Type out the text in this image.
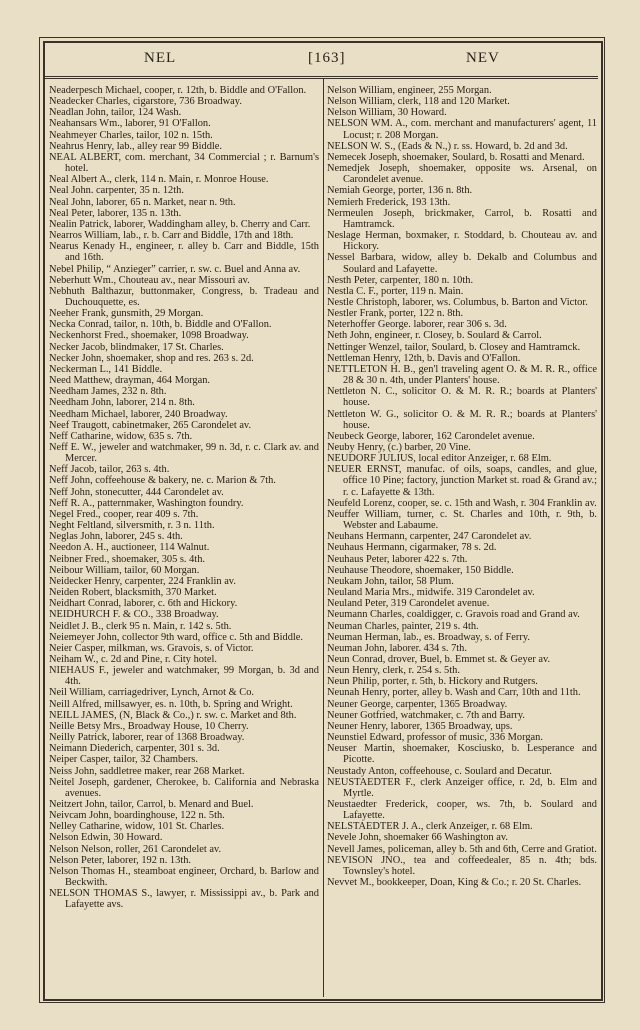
NEL	[163]	NEV
Neaderpesch Michael, cooper, r. 12th, b. Biddle and O'Fallon.
Neadecker Charles, cigarstore, 736 Broadway.
Neadlan John, tailor, 124 Wash.
Neahansars Wm., laborer, 91 O'Fallon.
Neahmeyer Charles, tailor, 102 n. 15th.
Neahrus Henry, lab., alley rear 99 Biddle.
NEAL ALBERT, com. merchant, 34 Commercial ; r. Barnum's hotel.
Neal Albert A., clerk, 114 n. Main, r. Monroe House.
Neal John. carpenter, 35 n. 12th.
Neal John, laborer, 65 n. Market, near n. 9th.
Neal Peter, laborer, 135 n. 13th.
Nealin Patrick, laborer, Waddingham alley, b. Cherry and Carr.
Nearros William, lab., r. b. Carr and Biddle, 17th and 18th.
Nearus Kenady H., engineer, r. alley b. Carr and Biddle, 15th and 16th.
Nebel Philip, “ Anzieger” carrier, r. sw. c. Buel and Anna av.
Neberhutt Wm., Chouteau av., near Missouri av.
Nebhuth Balthazur, buttonmaker, Congress, b. Tradeau and Duchouquette, es.
Neeher Frank, gunsmith, 29 Morgan.
Necka Conrad, tailor, n. 10th, b. Biddle and O'Fallon.
Neckenhorst Fred., shoemaker, 1098 Broadway.
Necker Jacob, blindmaker, 17 St. Charles.
Necker John, shoemaker, shop and res. 263 s. 2d.
Neckerman L., 141 Biddle.
Need Matthew, drayman, 464 Morgan.
Needham James, 232 n. 8th.
Needham John, laborer, 214 n. 8th.
Needham Michael, laborer, 240 Broadway.
Neef Traugott, cabinetmaker, 265 Carondelet av.
Neff Catharine, widow, 635 s. 7th.
Neff E. W., jeweler and watchmaker, 99 n. 3d, r. c. Clark av. and Mercer.
Neff Jacob, tailor, 263 s. 4th.
Neff John, coffeehouse & bakery, ne. c. Marion & 7th.
Neff John, stonecutter, 444 Carondelet av.
Neff R. A., patternmaker, Washington foundry.
Negel Fred., cooper, rear 409 s. 7th.
Neght Feltland, silversmith, r. 3 n. 11th.
Neglas John, laborer, 245 s. 4th.
Needon A. H., auctioneer, 114 Walnut.
Neibner Fred., shoemaker, 305 s. 4th.
Neibour William, tailor, 60 Morgan.
Neidecker Henry, carpenter, 224 Franklin av.
Neiden Robert, blacksmith, 370 Market.
Neidhart Conrad, laborer, c. 6th and Hickory.
NEIDHURCH F. & CO., 338 Broadway.
Neidlet J. B., clerk 95 n. Main, r. 142 s. 5th.
Neiemeyer John, collector 9th ward, office c. 5th and Biddle.
Neier Casper, milkman, ws. Gravois, s. of Victor.
Neiham W., c. 2d and Pine, r. City hotel.
NIEHAUS F., jeweler and watchmaker, 99 Morgan, b. 3d and 4th.
Neil William, carriagedriver, Lynch, Arnot & Co.
Neill Alfred, millsawyer, es. n. 10th, b. Spring and Wright.
NEILL JAMES, (N, Black & Co.,) r. sw. c. Market and 8th.
Neille Betsy Mrs., Broadway House, 10 Cherry.
Neilly Patrick, laborer, rear of 1368 Broadway.
Neimann Diederich, carpenter, 301 s. 3d.
Neiper Casper, tailor, 32 Chambers.
Neiss John, saddletree maker, rear 268 Market.
Neitel Joseph, gardener, Cherokee, b. California and Nebraska avenues.
Neitzert John, tailor, Carrol, b. Menard and Buel.
Neivcam John, boardinghouse, 122 n. 5th.
Nelley Catharine, widow, 101 St. Charles.
Nelson Edwin, 30 Howard.
Nelson Nelson, roller, 261 Carondelet av.
Nelson Peter, laborer, 192 n. 13th.
Nelson Thomas H., steamboat engineer, Orchard, b. Barlow and Beckwith.
NELSON THOMAS S., lawyer, r. Mississippi av., b. Park and Lafayette avs.
Nelson William, engineer, 255 Morgan.
Nelson William, clerk, 118 and 120 Market.
Nelson William, 30 Howard.
NELSON WM. A., com. merchant and manufacturers' agent, 11 Locust; r. 208 Morgan.
NELSON W. S., (Eads & N.,) r. ss. Howard, b. 2d and 3d.
Nemecek Joseph, shoemaker, Soulard, b. Rosatti and Menard.
Nemedjek Joseph, shoemaker, opposite ws. Arsenal, on Carondelet avenue.
Nemiah George, porter, 136 n. 8th.
Nemierh Frederick, 193 13th.
Nermeulen Joseph, brickmaker, Carrol, b. Rosatti and Hamtramck.
Neslage Herman, boxmaker, r. Stoddard, b. Chouteau av. and Hickory.
Nessel Barbara, widow, alley b. Dekalb and Columbus and Soulard and Lafayette.
Nesth Peter, carpenter, 180 n. 10th.
Nestla C. F., porter, 119 n. Main.
Nestle Christoph, laborer, ws. Columbus, b. Barton and Victor.
Nestler Frank, porter, 122 n. 8th.
Neterhoffer George. laborer, rear 306 s. 3d.
Neth John, engineer, r. Closey, b. Soulard & Carrol.
Nettinger Wenzel, tailor, Soulard, b. Closey and Hamtramck.
Nettleman Henry, 12th, b. Davis and O'Fallon.
NETTLETON H. B., gen'l traveling agent O. & M. R. R., office 28 & 30 n. 4th, under Planters' house.
Nettleton N. C., solicitor O. & M. R. R.; boards at Planters' house.
Nettleton W. G., solicitor O. & M. R. R.; boards at Planters' house.
Neubeck George, laborer, 162 Carondelet avenue.
Neuby Henry, (c.) barber, 20 Vine.
NEUDORF JULIUS, local editor Anzeiger, r. 68 Elm.
NEUER ERNST, manufac. of oils, soaps, candles, and glue, office 10 Pine; factory, junction Market st. road & Grand av.; r. c. Lafayette & 13th.
Neufeld Lorenz, cooper, se. c. 15th and Wash, r. 304 Franklin av.
Neuffer William, turner, c. St. Charles and 10th, r. 9th, b. Webster and Labaume.
Neuhans Hermann, carpenter, 247 Carondelet av.
Neuhaus Hermann, cigarmaker, 78 s. 2d.
Neuhaus Peter, laborer 422 s. 7th.
Neuhause Theodore, shoemaker, 150 Biddle.
Neukam John, tailor, 58 Plum.
Neuland Maria Mrs., midwife. 319 Carondelet av.
Neuland Peter, 319 Carondelet avenue.
Neumann Charles, coaldigger, c. Gravois road and Grand av.
Neuman Charles, painter, 219 s. 4th.
Neuman Herman, lab., es. Broadway, s. of Ferry.
Neuman John, laborer. 434 s. 7th.
Neun Conrad, drover, Buel, b. Emmet st. & Geyer av.
Neun Henry, clerk, r. 254 s. 5th.
Neun Philip, porter, r. 5th, b. Hickory and Rutgers.
Neunah Henry, porter, alley b. Wash and Carr, 10th and 11th.
Neuner George, carpenter, 1365 Broadway.
Neuner Gotfried, watchmaker, c. 7th and Barry.
Neuner Henry, laborer, 1365 Broadway, ups.
Neunstiel Edward, professor of music, 336 Morgan.
Neuser Martin, shoemaker, Kosciusko, b. Lesperance and Picotte.
Neustady Anton, coffeehouse, c. Soulard and Decatur.
NEUSTAEDTER F., clerk Anzeiger office, r. 2d, b. Elm and Myrtle.
Neustaedter Frederick, cooper, ws. 7th, b. Soulard and Lafayette.
NELSTAEDTER J. A., clerk Anzeiger, r. 68 Elm.
Nevele John, shoemaker 66 Washington av.
Nevell James, policeman, alley b. 5th and 6th, Cerre and Gratiot.
NEVISON JNO., tea and coffeedealer, 85 n. 4th; bds. Townsley's hotel.
Nevvet M., bookkeeper, Doan, King & Co.; r. 20 St. Charles.
